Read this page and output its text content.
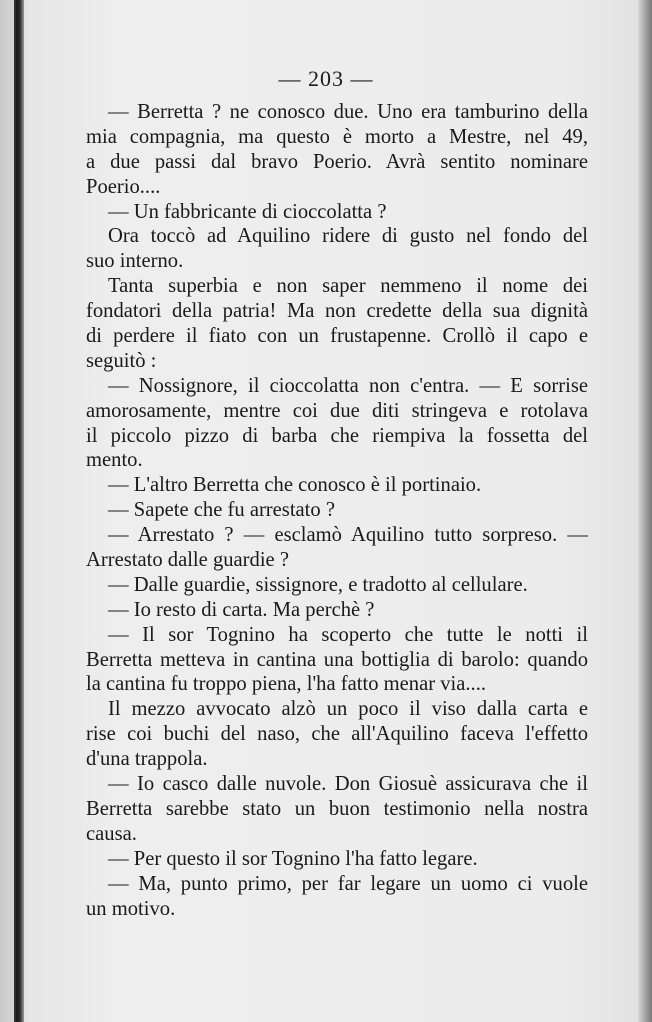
— 203 —
— Berretta ? ne conosco due. Uno era tamburino della
mia compagnia, ma questo è morto a Mestre, nel 49,
a due passi dal bravo Poerio. Avrà sentito nominare
Poerio....
— Un fabbricante di cioccolatta ?
Ora toccò ad Aquilino ridere di gusto nel fondo del
suo interno.
Tanta superbia e non saper nemmeno il nome dei
fondatori della patria! Ma non credette della sua dignità
di perdere il fiato con un frustapenne. Crollò il capo e
seguitò :
— Nossignore, il cioccolatta non c'entra. — E sorrise
amorosamente, mentre coi due diti stringeva e rotolava
il piccolo pizzo di barba che riempiva la fossetta del
mento.
— L'altro Berretta che conosco è il portinaio.
— Sapete che fu arrestato ?
— Arrestato ? — esclamò Aquilino tutto sorpreso. —
Arrestato dalle guardie ?
— Dalle guardie, sissignore, e tradotto al cellulare.
— Io resto di carta. Ma perchè ?
— Il sor Tognino ha scoperto che tutte le notti il
Berretta metteva in cantina una bottiglia di barolo: quando
la cantina fu troppo piena, l'ha fatto menar via....
Il mezzo avvocato alzò un poco il viso dalla carta e
rise coi buchi del naso, che all'Aquilino faceva l'effetto
d'una trappola.
— Io casco dalle nuvole. Don Giosuè assicurava che il
Berretta sarebbe stato un buon testimonio nella nostra
causa.
— Per questo il sor Tognino l'ha fatto legare.
— Ma, punto primo, per far legare un uomo ci vuole
un motivo.
